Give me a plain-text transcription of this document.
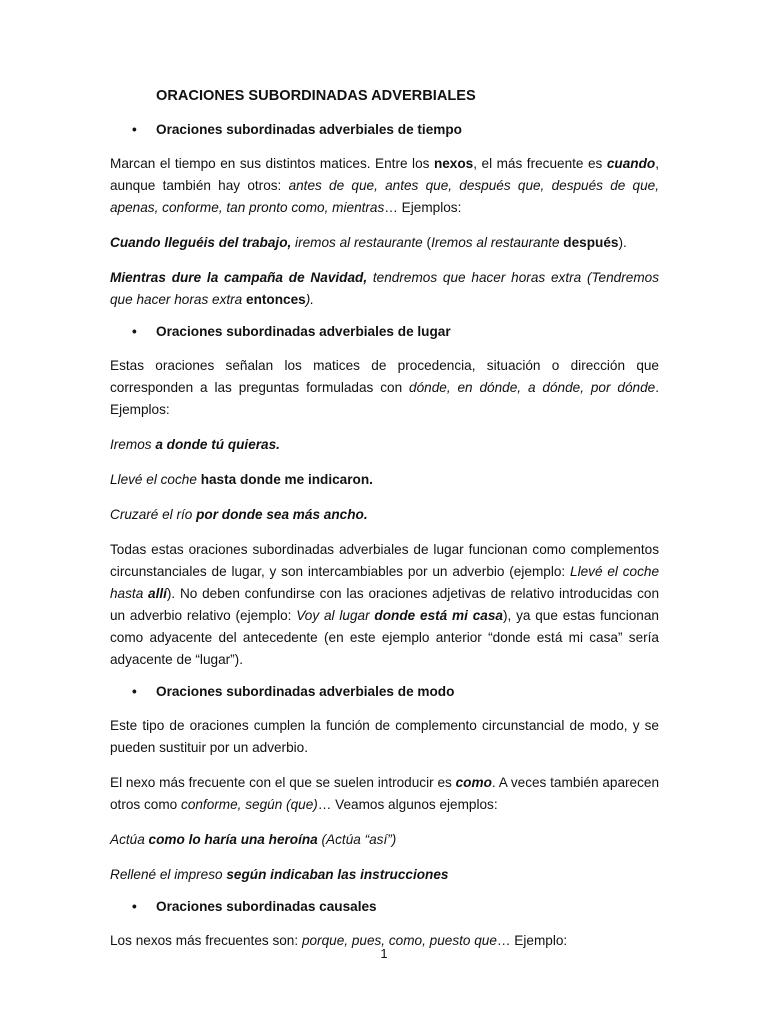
ORACIONES SUBORDINADAS ADVERBIALES
•	Oraciones subordinadas adverbiales de tiempo

Marcan el tiempo en sus distintos matices. Entre los nexos, el más frecuente es cuando, aunque también hay otros: antes de que, antes que, después que, después de que, apenas, conforme, tan pronto como, mientras… Ejemplos:

Cuando lleguéis del trabajo, iremos al restaurante (Iremos al restaurante después).

Mientras dure la campaña de Navidad, tendremos que hacer horas extra (Tendremos que hacer horas extra entonces).

•	Oraciones subordinadas adverbiales de lugar

Estas oraciones señalan los matices de procedencia, situación o dirección que corresponden a las preguntas formuladas con dónde, en dónde, a dónde, por dónde. Ejemplos:

Iremos a donde tú quieras.

Llevé el coche hasta donde me indicaron.

Cruzaré el río por donde sea más ancho.

Todas estas oraciones subordinadas adverbiales de lugar funcionan como complementos circunstanciales de lugar, y son intercambiables por un adverbio (ejemplo: Llevé el coche hasta allí). No deben confundirse con las oraciones adjetivas de relativo introducidas con un adverbio relativo (ejemplo: Voy al lugar donde está mi casa), ya que estas funcionan como adyacente del antecedente (en este ejemplo anterior “donde está mi casa” sería adyacente de “lugar”).

•	Oraciones subordinadas adverbiales de modo

Este tipo de oraciones cumplen la función de complemento circunstancial de modo, y se pueden sustituir por un adverbio.

El nexo más frecuente con el que se suelen introducir es como. A veces también aparecen otros como conforme, según (que)… Veamos algunos ejemplos:

Actúa como lo haría una heroína (Actúa “así”)

Rellené el impreso según indicaban las instrucciones

•	Oraciones subordinadas causales

Los nexos más frecuentes son: porque, pues, como, puesto que… Ejemplo:

1
